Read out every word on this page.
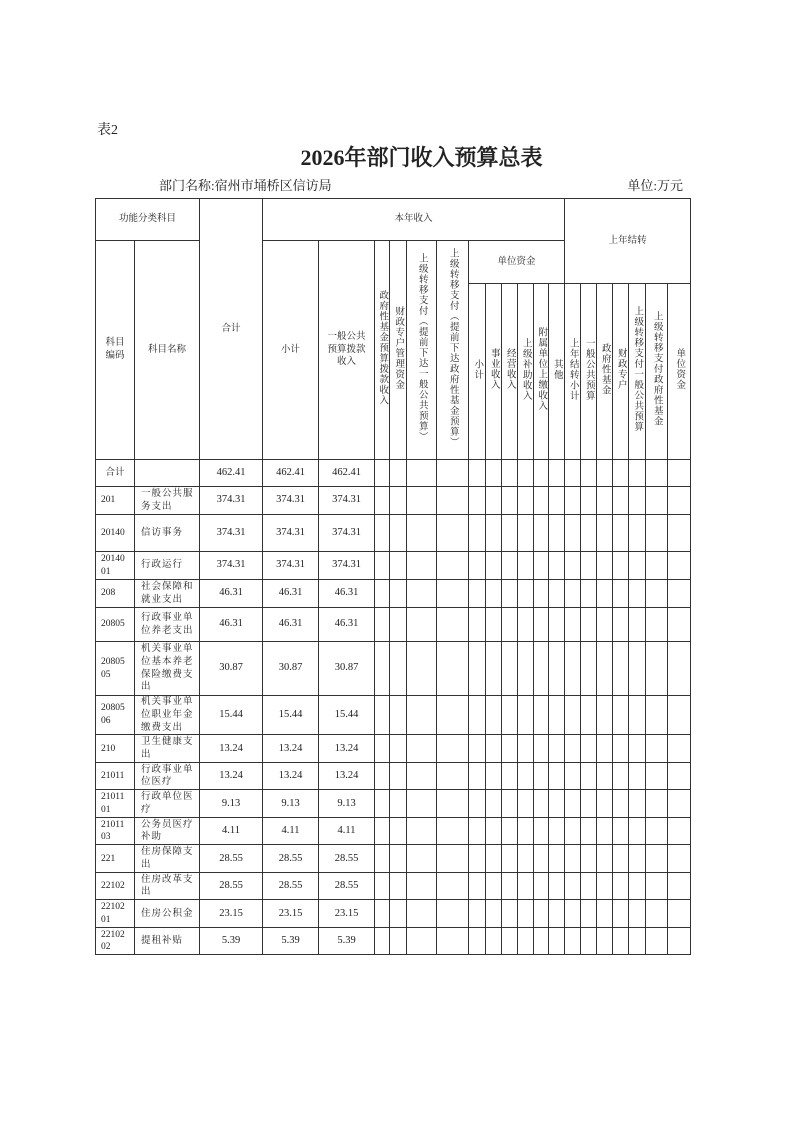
表2
2026年部门收入预算总表
部门名称:宿州市埇桥区信访局	单位:万元
功能分类科目		合计	本年收入												上年结转						
科目编码	科目名称		小计	一般公共预算拨款收入	政府性基金预算拨款收入	财政专户管理资金	上级转移支付（提前下达一般公共预算）	上级转移支付（提前下达政府性基金预算）	单位资金												
									小计	事业收入	经营收入	上级补助收入	附属单位上缴收入	其他	上年结转小计	一般公共预算	政府性基金	财政专户	上级转移支付一般公共预算	上级转移支付政府性基金	单位资金
合计		462.41	462.41	462.41																	
201	一般公共服务支出	374.31	374.31	374.31																	
20140	信访事务	374.31	374.31	374.31																	
2014001	行政运行	374.31	374.31	374.31																	
208	社会保障和就业支出	46.31	46.31	46.31																	
20805	行政事业单位养老支出	46.31	46.31	46.31																	
2080505	机关事业单位基本养老保险缴费支出	30.87	30.87	30.87																	
2080506	机关事业单位职业年金缴费支出	15.44	15.44	15.44																	
210	卫生健康支出	13.24	13.24	13.24																	
21011	行政事业单位医疗	13.24	13.24	13.24																	
2101101	行政单位医疗	9.13	9.13	9.13																	
2101103	公务员医疗补助	4.11	4.11	4.11																	
221	住房保障支出	28.55	28.55	28.55																	
22102	住房改革支出	28.55	28.55	28.55																	
2210201	住房公积金	23.15	23.15	23.15																	
2210202	提租补贴	5.39	5.39	5.39																	
